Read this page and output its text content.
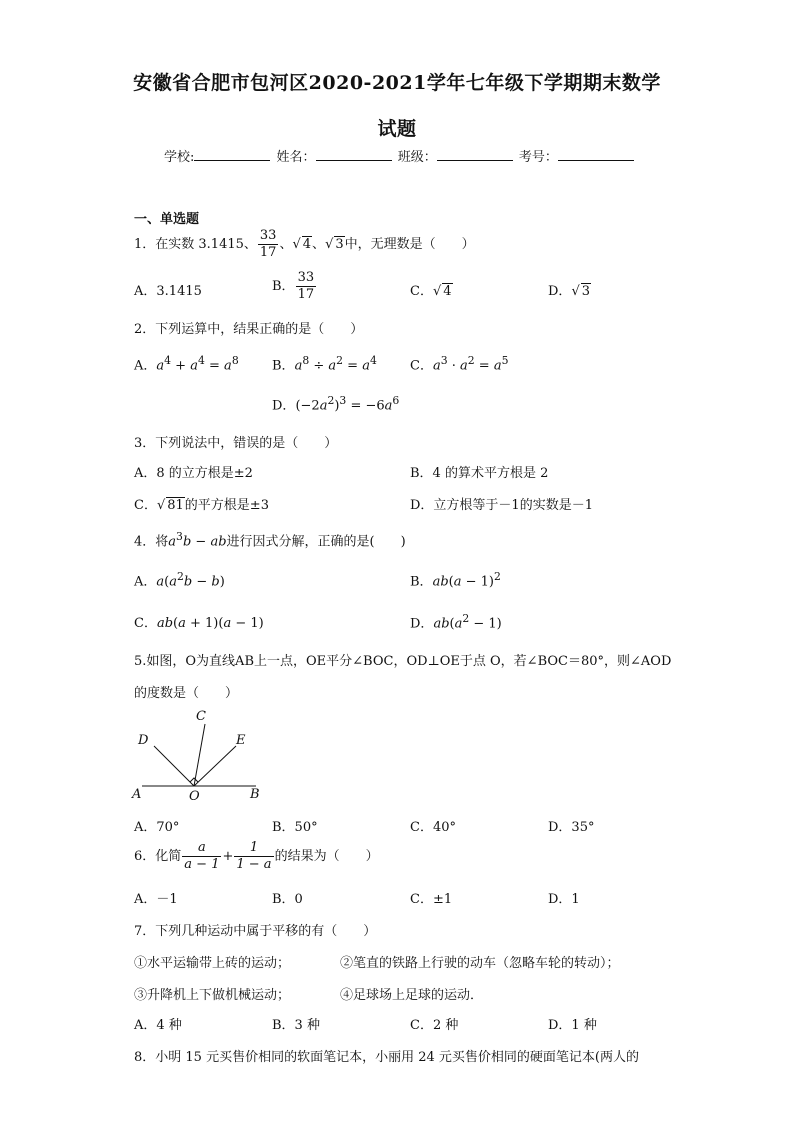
安徽省合肥市包河区2020-2021学年七年级下学期期末数学
试题
学校:	姓名：	班级：	考号：
一、单选题
1．在实数 3.1415、 $\frac{33}{17}$ 、√ 4、√ 3中，无理数是（　　）
A．3.1415	B． $\frac{33}{17}$	C．√ 4	D．√ 3
2．下列运算中，结果正确的是（　　）
A．$a^4 + a^4 = a^8$	B．$a^8 \div a^2 = a^4$	C．$a^3 \cdot a^2 = a^5$
D．$(-2a^2)^3 = -6a^6$
3．下列说法中，错误的是（　　）
A．8 的立方根是±2	B．4 的算术平方根是 2
C．√ 81的平方根是±3	D．立方根等于－1的实数是－1
4．将$a^3b$ − ab进行因式分解，正确的是(　　)
A．$a(a^2b - b)$	B．$ab(a - 1)^2$
C．ab(a + 1)(a − 1)	D．$ab(a^2 - 1)$
5.如图，O为直线AB上一点，OE平分∠BOC，OD⊥OE于点 O，若∠BOC＝80°，则∠AOD
的度数是（　　）
A	O	B
C
D	E
A．70°	B．50°	C．40°	D．35°
6．化简 $\frac{a}{a - 1} + \frac{1}{1 - a}$ 的结果为（　　）
A．－1	B．0	C．±1	D．1
7．下列几种运动中属于平移的有（　　）
①水平运输带上砖的运动；	②笔直的铁路上行驶的动车（忽略车轮的转动）；
③升降机上下做机械运动；	④足球场上足球的运动．
A．4 种	B．3 种	C．2 种	D．1 种
8．小明 15 元买售价相同的软面笔记本，小丽用 24 元买售价相同的硬面笔记本(两人的
